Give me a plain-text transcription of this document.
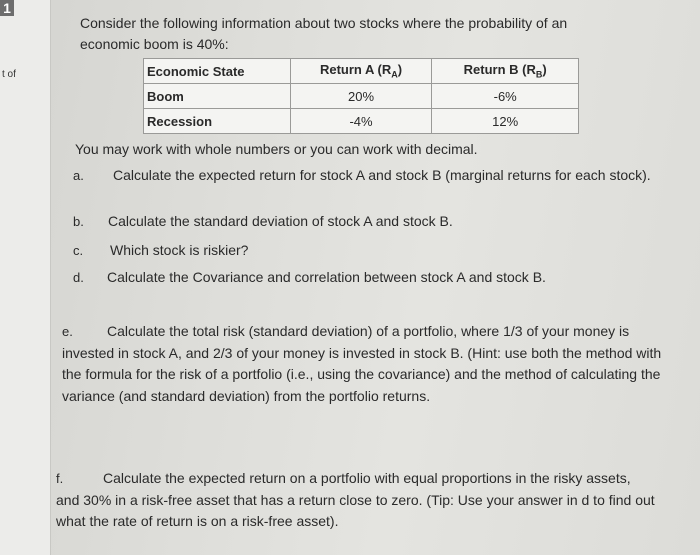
1
t of

Consider the following information about two stocks where the probability of an economic boom is 40%:

Economic State	Return A $(R_A)$	Return B $(R_B)$
Boom	20%	-6%
Recession	-4%	12%

You may work with whole numbers or you can work with decimal.

a. Calculate the expected return for stock A and stock B (marginal returns for each stock).

b. Calculate the standard deviation of stock A and stock B.

c. Which stock is riskier?

d. Calculate the Covariance and correlation between stock A and stock B.

e. Calculate the total risk (standard deviation) of a portfolio, where 1/3 of your money is invested in stock A, and 2/3 of your money is invested in stock B. (Hint: use both the method with the formula for the risk of a portfolio (i.e., using the covariance) and the method of calculating the variance (and standard deviation) from the portfolio returns.

f.	Calculate the expected return on a portfolio with equal proportions in the risky assets, and 30% in a risk-free asset that has a return close to zero. (Tip: Use your answer in d to find out what the rate of return is on a risk-free asset).
